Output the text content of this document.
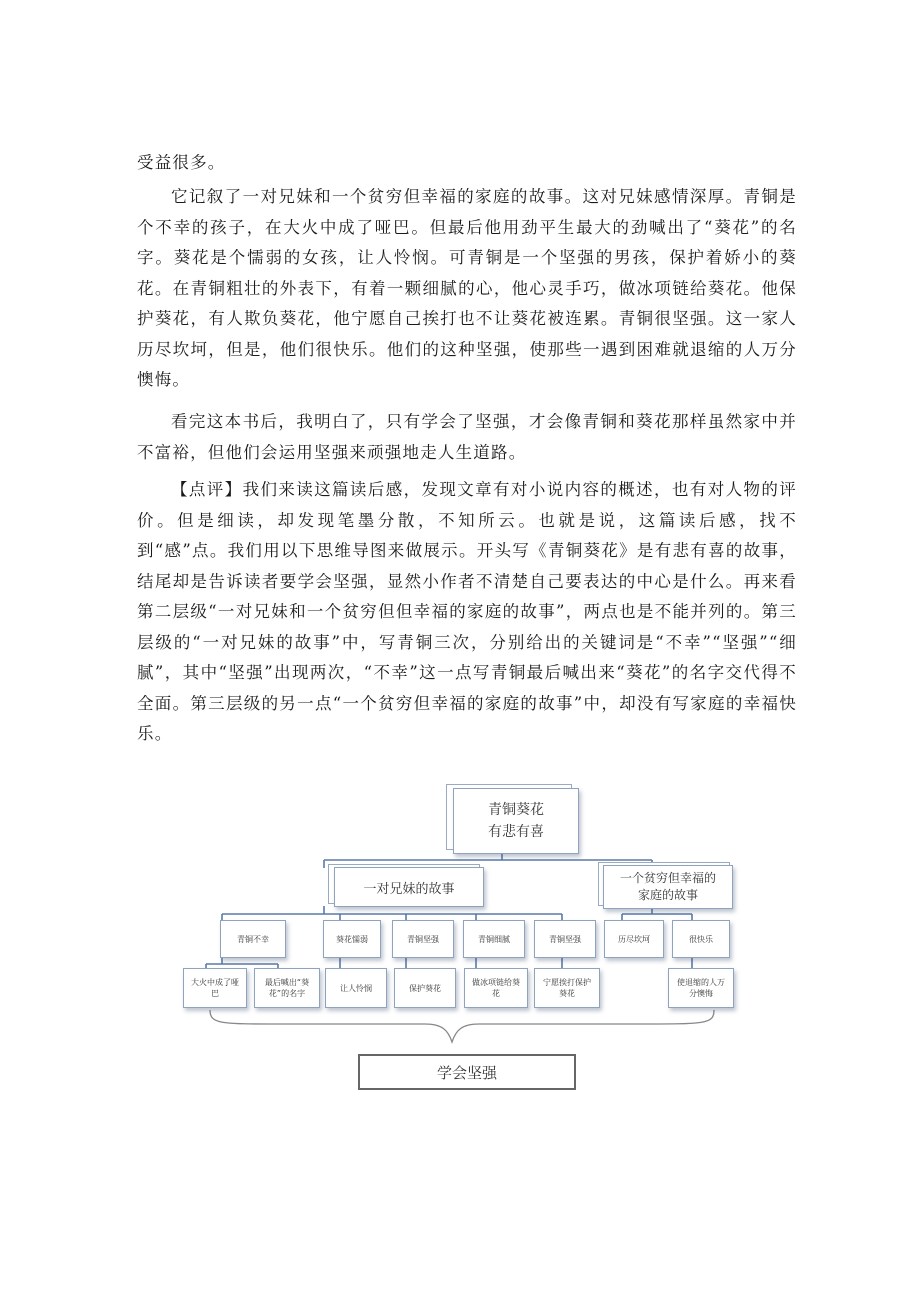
受益很多。

它记叙了一对兄妹和一个贫穷但幸福的家庭的故事。这对兄妹感情深厚。青铜是个不幸的孩子，在大火中成了哑巴。但最后他用劲平生最大的劲喊出了“葵花”的名字。葵花是个懦弱的女孩，让人怜悯。可青铜是一个坚强的男孩，保护着娇小的葵花。在青铜粗壮的外表下，有着一颗细腻的心，他心灵手巧，做冰项链给葵花。他保护葵花，有人欺负葵花，他宁愿自己挨打也不让葵花被连累。青铜很坚强。这一家人历尽坎坷，但是，他们很快乐。他们的这种坚强，使那些一遇到困难就退缩的人万分懊悔。

看完这本书后，我明白了，只有学会了坚强，才会像青铜和葵花那样虽然家中并不富裕，但他们会运用坚强来顽强地走人生道路。

【点评】我们来读这篇读后感，发现文章有对小说内容的概述，也有对人物的评价。但是细读，却发现笔墨分散，不知所云。也就是说，这篇读后感，找不到“感”点。我们用以下思维导图来做展示。开头写《青铜葵花》是有悲有喜的故事，结尾却是告诉读者要学会坚强，显然小作者不清楚自己要表达的中心是什么。再来看第二层级“一对兄妹和一个贫穷但但幸福的家庭的故事”，两点也是不能并列的。第三层级的“一对兄妹的故事”中，写青铜三次，分别给出的关键词是“不幸”“坚强”“细腻”，其中“坚强”出现两次，“不幸”这一点写青铜最后喊出来“葵花”的名字交代得不全面。第三层级的另一点“一个贫穷但幸福的家庭的故事”中，却没有写家庭的幸福快乐。

青铜葵花
有悲有喜
一对兄妹的故事
一个贫穷但幸福的
家庭的故事
青铜不幸	葵花懦弱	青铜坚强	青铜细腻	青铜坚强	历尽坎坷	很快乐
大火中成了哑巴
最后喊出“葵花”的名字
让人怜悯	保护葵花
做冰项链给葵花
宁愿挨打保护葵花
使退缩的人万分懊悔
学会坚强
